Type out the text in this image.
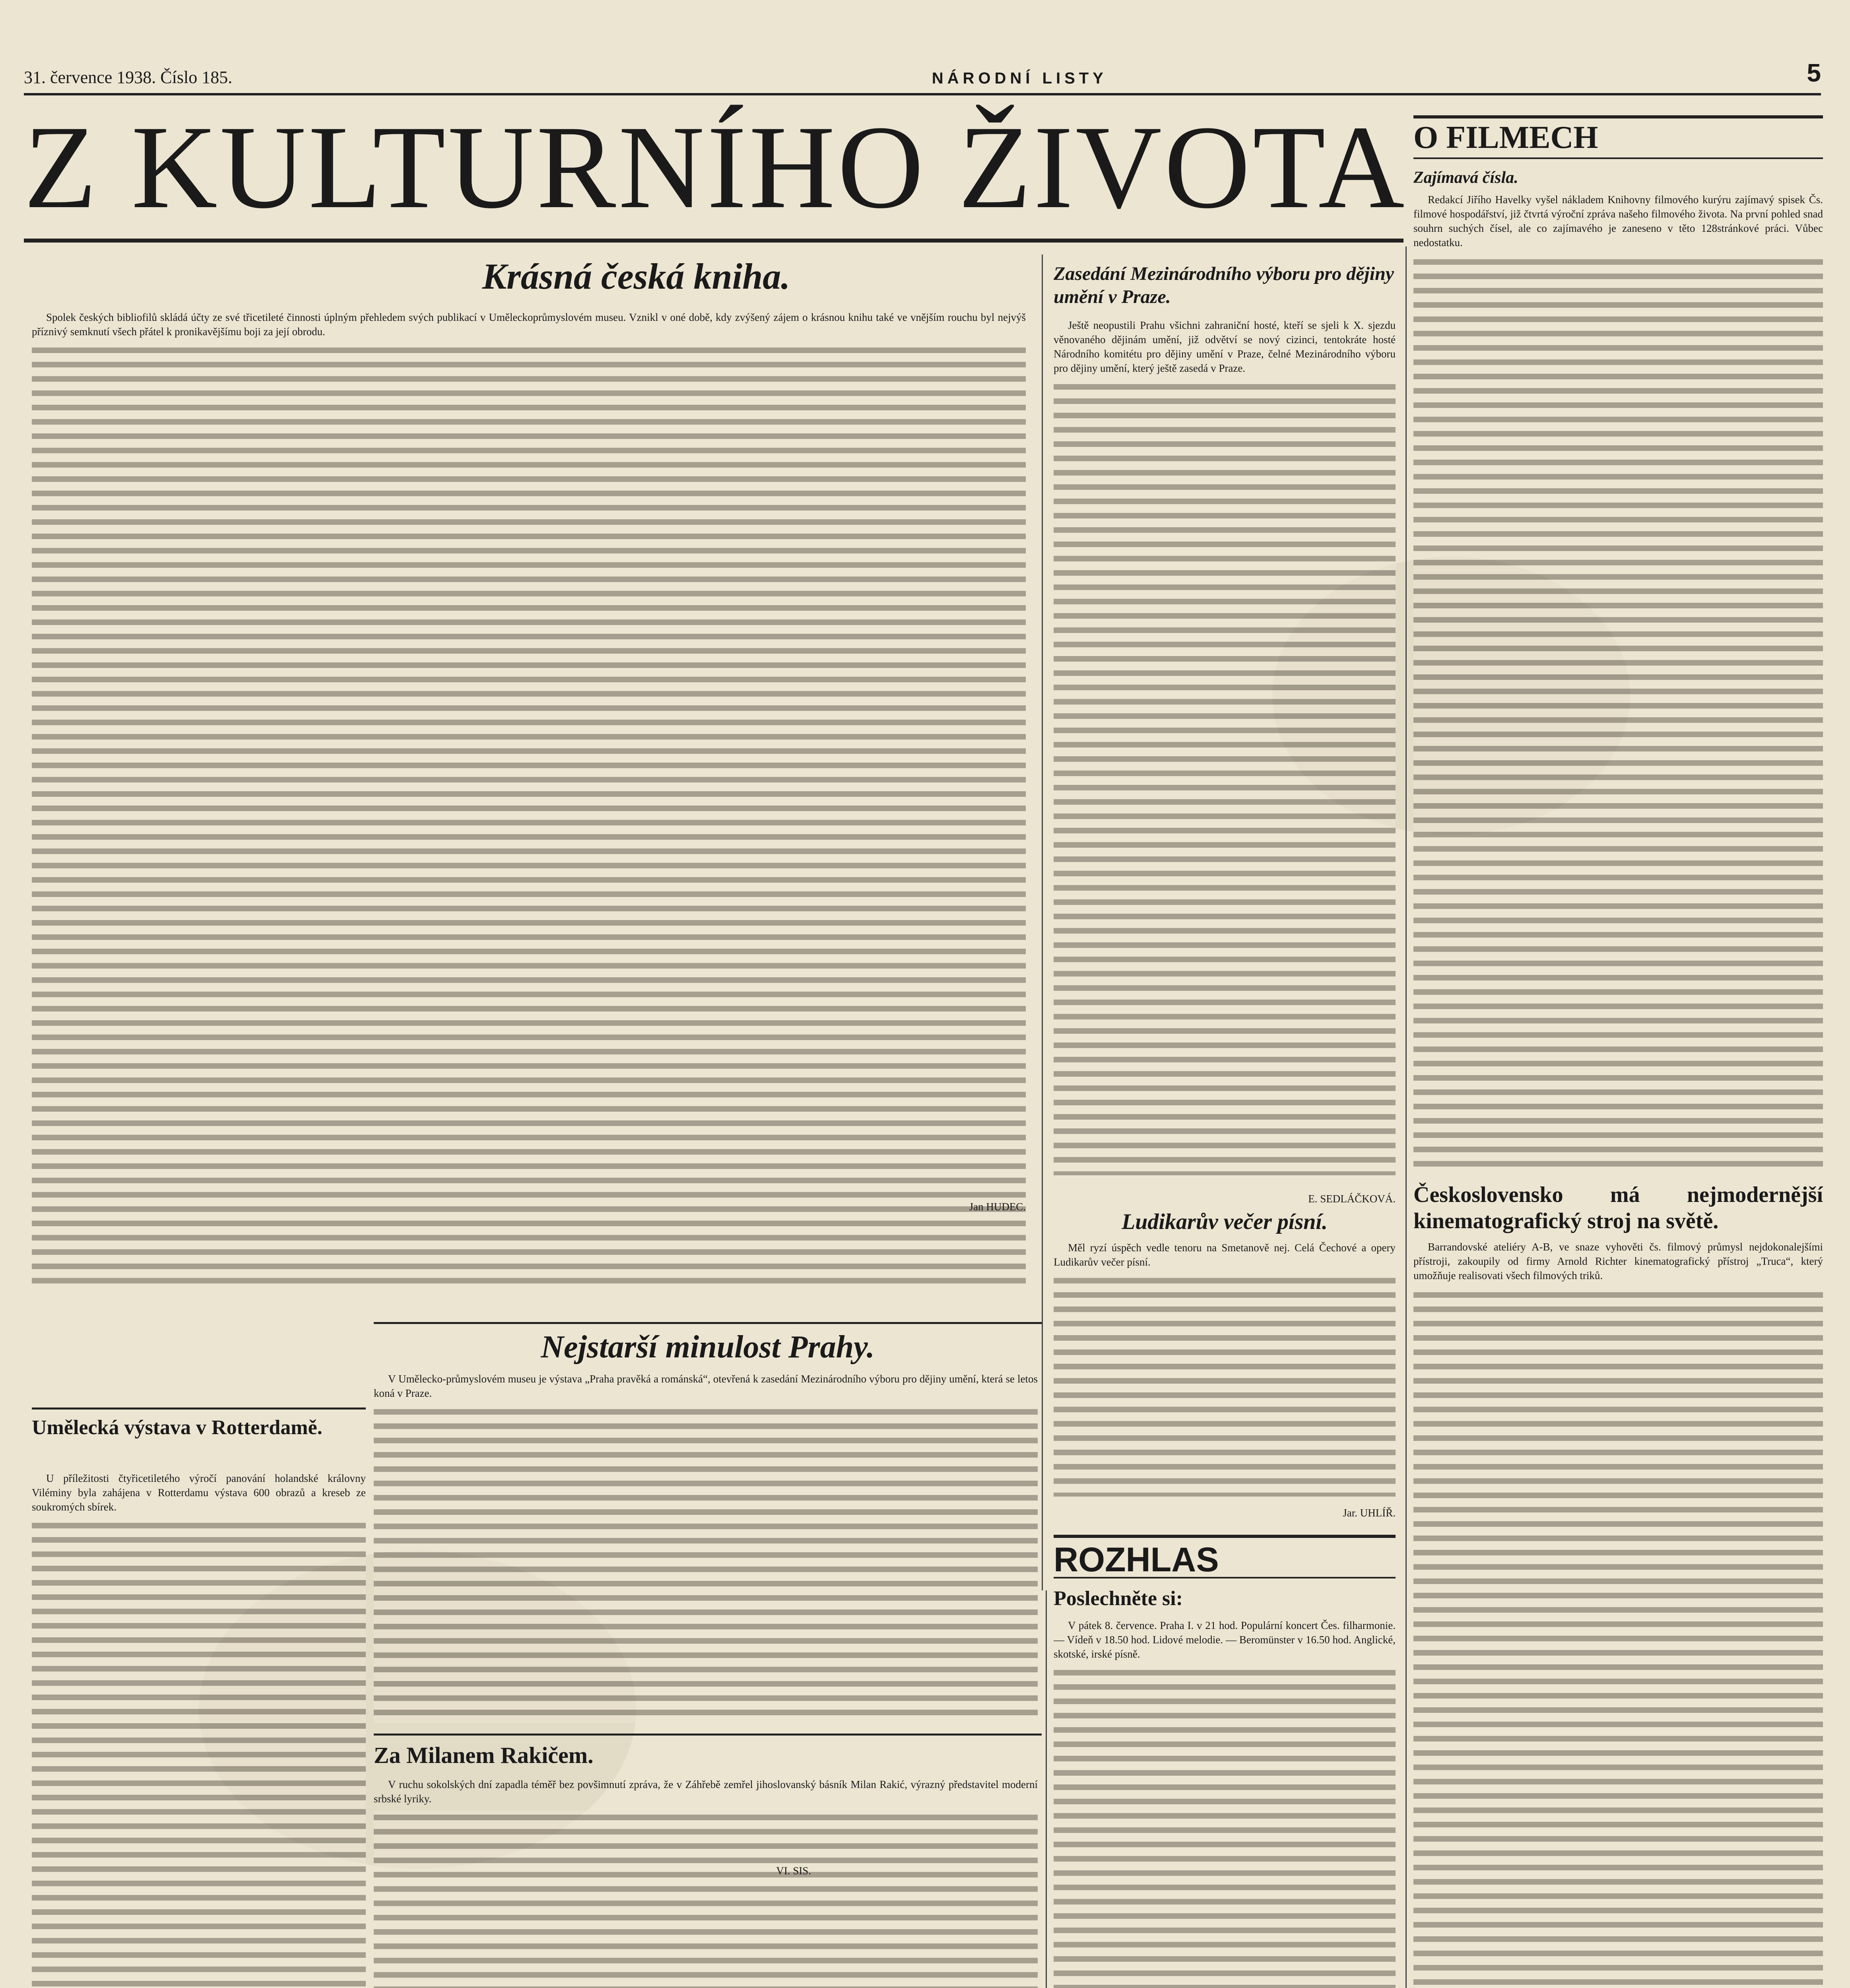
31. července 1938. Číslo 185.	NÁRODNÍ LISTY	5
Z KULTURNÍHO ŽIVOTA O FILMECH
Zajímavá čísla.

Redakcí Jiřího Havelky vyšel nákladem Knihovny filmového kurýru zajímavý spisek Čs. filmové hospodářství, již čtvrtá výroční zpráva našeho filmového života. Na první pohled snad souhrn suchých čísel, ale co zajímavého je zaneseno v těto 128stránkové práci. Vůbec nedostatku.

Československo má nejmodernější kinematografický stroj na světě.

Barrandovské ateliéry A-B, ve snaze vyhověti čs. filmový průmysl nejdokonalejšími přístroji, zakoupily od firmy Arnold Richter kinematografický přístroj „Truca“, který umožňuje realisovati všech filmových triků.

Krásná česká kniha.

Spolek českých bibliofilů skládá účty ze své třicetileté činnosti úplným přehledem svých publikací v Uměleckoprůmyslovém museu. Vznikl v oné době, kdy zvýšený zájem o krásnou knihu také ve vnějším rouchu byl nejvýš příznivý semknutí všech přátel k pronikavějšímu boji za její obrodu.

Jan HUDEC.
Zasedání Mezinárodního výboru pro dějiny umění v Praze.

Ještě neopustili Prahu všichni zahraniční hosté, kteří se sjeli k X. sjezdu věnovaného dějinám umění, již odvětví se nový cizinci, tentokráte hosté Národního komitétu pro dějiny umění v Praze, čelné Mezinárodního výboru pro dějiny umění, který ještě zasedá v Praze.

E. SEDLÁČKOVÁ.
Ludikarův večer písní.

Měl ryzí úspěch vedle tenoru na Smetanově nej. Celá Čechové a opery Ludikarův večer písní.

Jar. UHLÍŘ.
Nejstarší minulost Prahy.

V Umělecko-průmyslovém museu je výstava „Praha pravěká a románská“, otevřená k zasedání Mezinárodního výboru pro dějiny umění, která se letos koná v Praze.

Za Milanem Rakičem.

V ruchu sokolských dní zapadla téměř bez povšimnutí zpráva, že v Záhřebě zemřel jihoslovanský básník Milan Rakić, výrazný představitel moderní srbské lyriky.

VI. SIS.
Umělecká výstava v Rotterdamě.

U příležitosti čtyřicetiletého výročí panování holandské královny Viléminy byla zahájena v Rotterdamu výstava 600 obrazů a kreseb ze soukromých sbírek.

ROZHLAS
Poslechněte si:

V pátek 8. července. Praha I. v 21 hod. Populární koncert Čes. filharmonie. — Vídeň v 18.50 hod. Lidové melodie. — Beromünster v 16.50 hod. Anglické, skotské, irské písně.
